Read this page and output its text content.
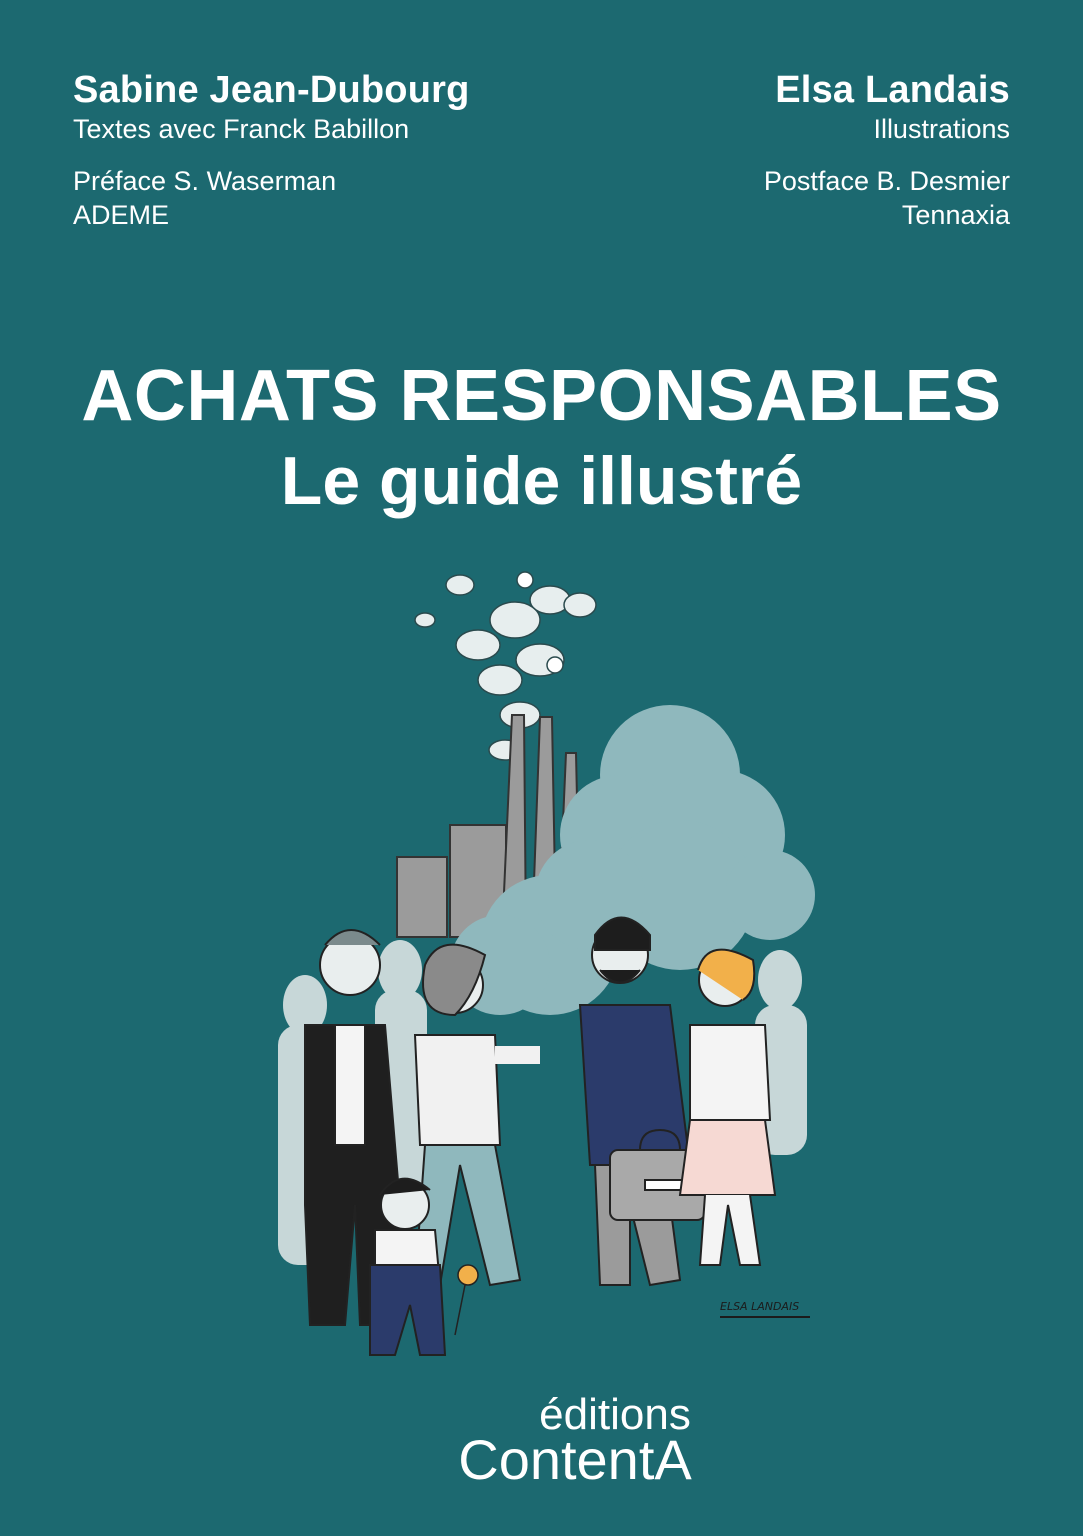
Sabine Jean-Dubourg
Textes avec Franck Babillon
Préface S. Waserman
ADEME
Elsa Landais
Illustrations
Postface B. Desmier
Tennaxia
ACHATS RESPONSABLES
Le guide illustré
ELSA LANDAIS
éditions
ContentA
